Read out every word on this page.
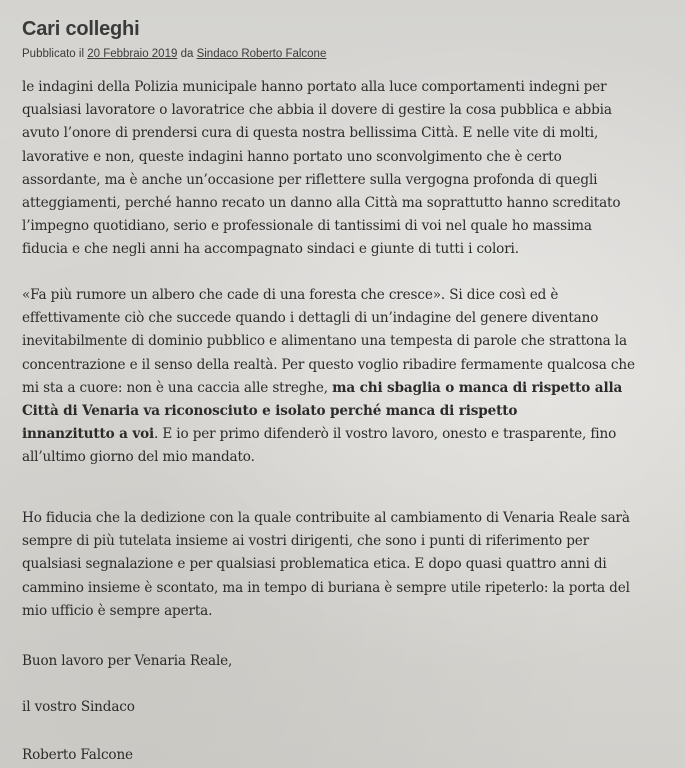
Cari colleghi
Pubblicato il 20 Febbraio 2019 da Sindaco Roberto Falcone
le indagini della Polizia municipale hanno portato alla luce comportamenti indegni per
qualsiasi lavoratore o lavoratrice che abbia il dovere di gestire la cosa pubblica e abbia
avuto l’onore di prendersi cura di questa nostra bellissima Città. E nelle vite di molti,
lavorative e non, queste indagini hanno portato uno sconvolgimento che è certo
assordante, ma è anche un’occasione per riflettere sulla vergogna profonda di quegli
atteggiamenti, perché hanno recato un danno alla Città ma soprattutto hanno screditato
l’impegno quotidiano, serio e professionale di tantissimi di voi nel quale ho massima
fiducia e che negli anni ha accompagnato sindaci e giunte di tutti i colori.
«Fa più rumore un albero che cade di una foresta che cresce». Si dice così ed è
effettivamente ciò che succede quando i dettagli di un’indagine del genere diventano
inevitabilmente di dominio pubblico e alimentano una tempesta di parole che strattona la
concentrazione e il senso della realtà. Per questo voglio ribadire fermamente qualcosa che
mi sta a cuore: non è una caccia alle streghe, ma chi sbaglia o manca di rispetto alla
Città di Venaria va riconosciuto e isolato perché manca di rispetto
innanzitutto a voi. E io per primo difenderò il vostro lavoro, onesto e trasparente, fino
all’ultimo giorno del mio mandato.
Ho fiducia che la dedizione con la quale contribuite al cambiamento di Venaria Reale sarà
sempre di più tutelata insieme ai vostri dirigenti, che sono i punti di riferimento per
qualsiasi segnalazione e per qualsiasi problematica etica. E dopo quasi quattro anni di
cammino insieme è scontato, ma in tempo di buriana è sempre utile ripeterlo: la porta del
mio ufficio è sempre aperta.
Buon lavoro per Venaria Reale,
il vostro Sindaco
Roberto Falcone
